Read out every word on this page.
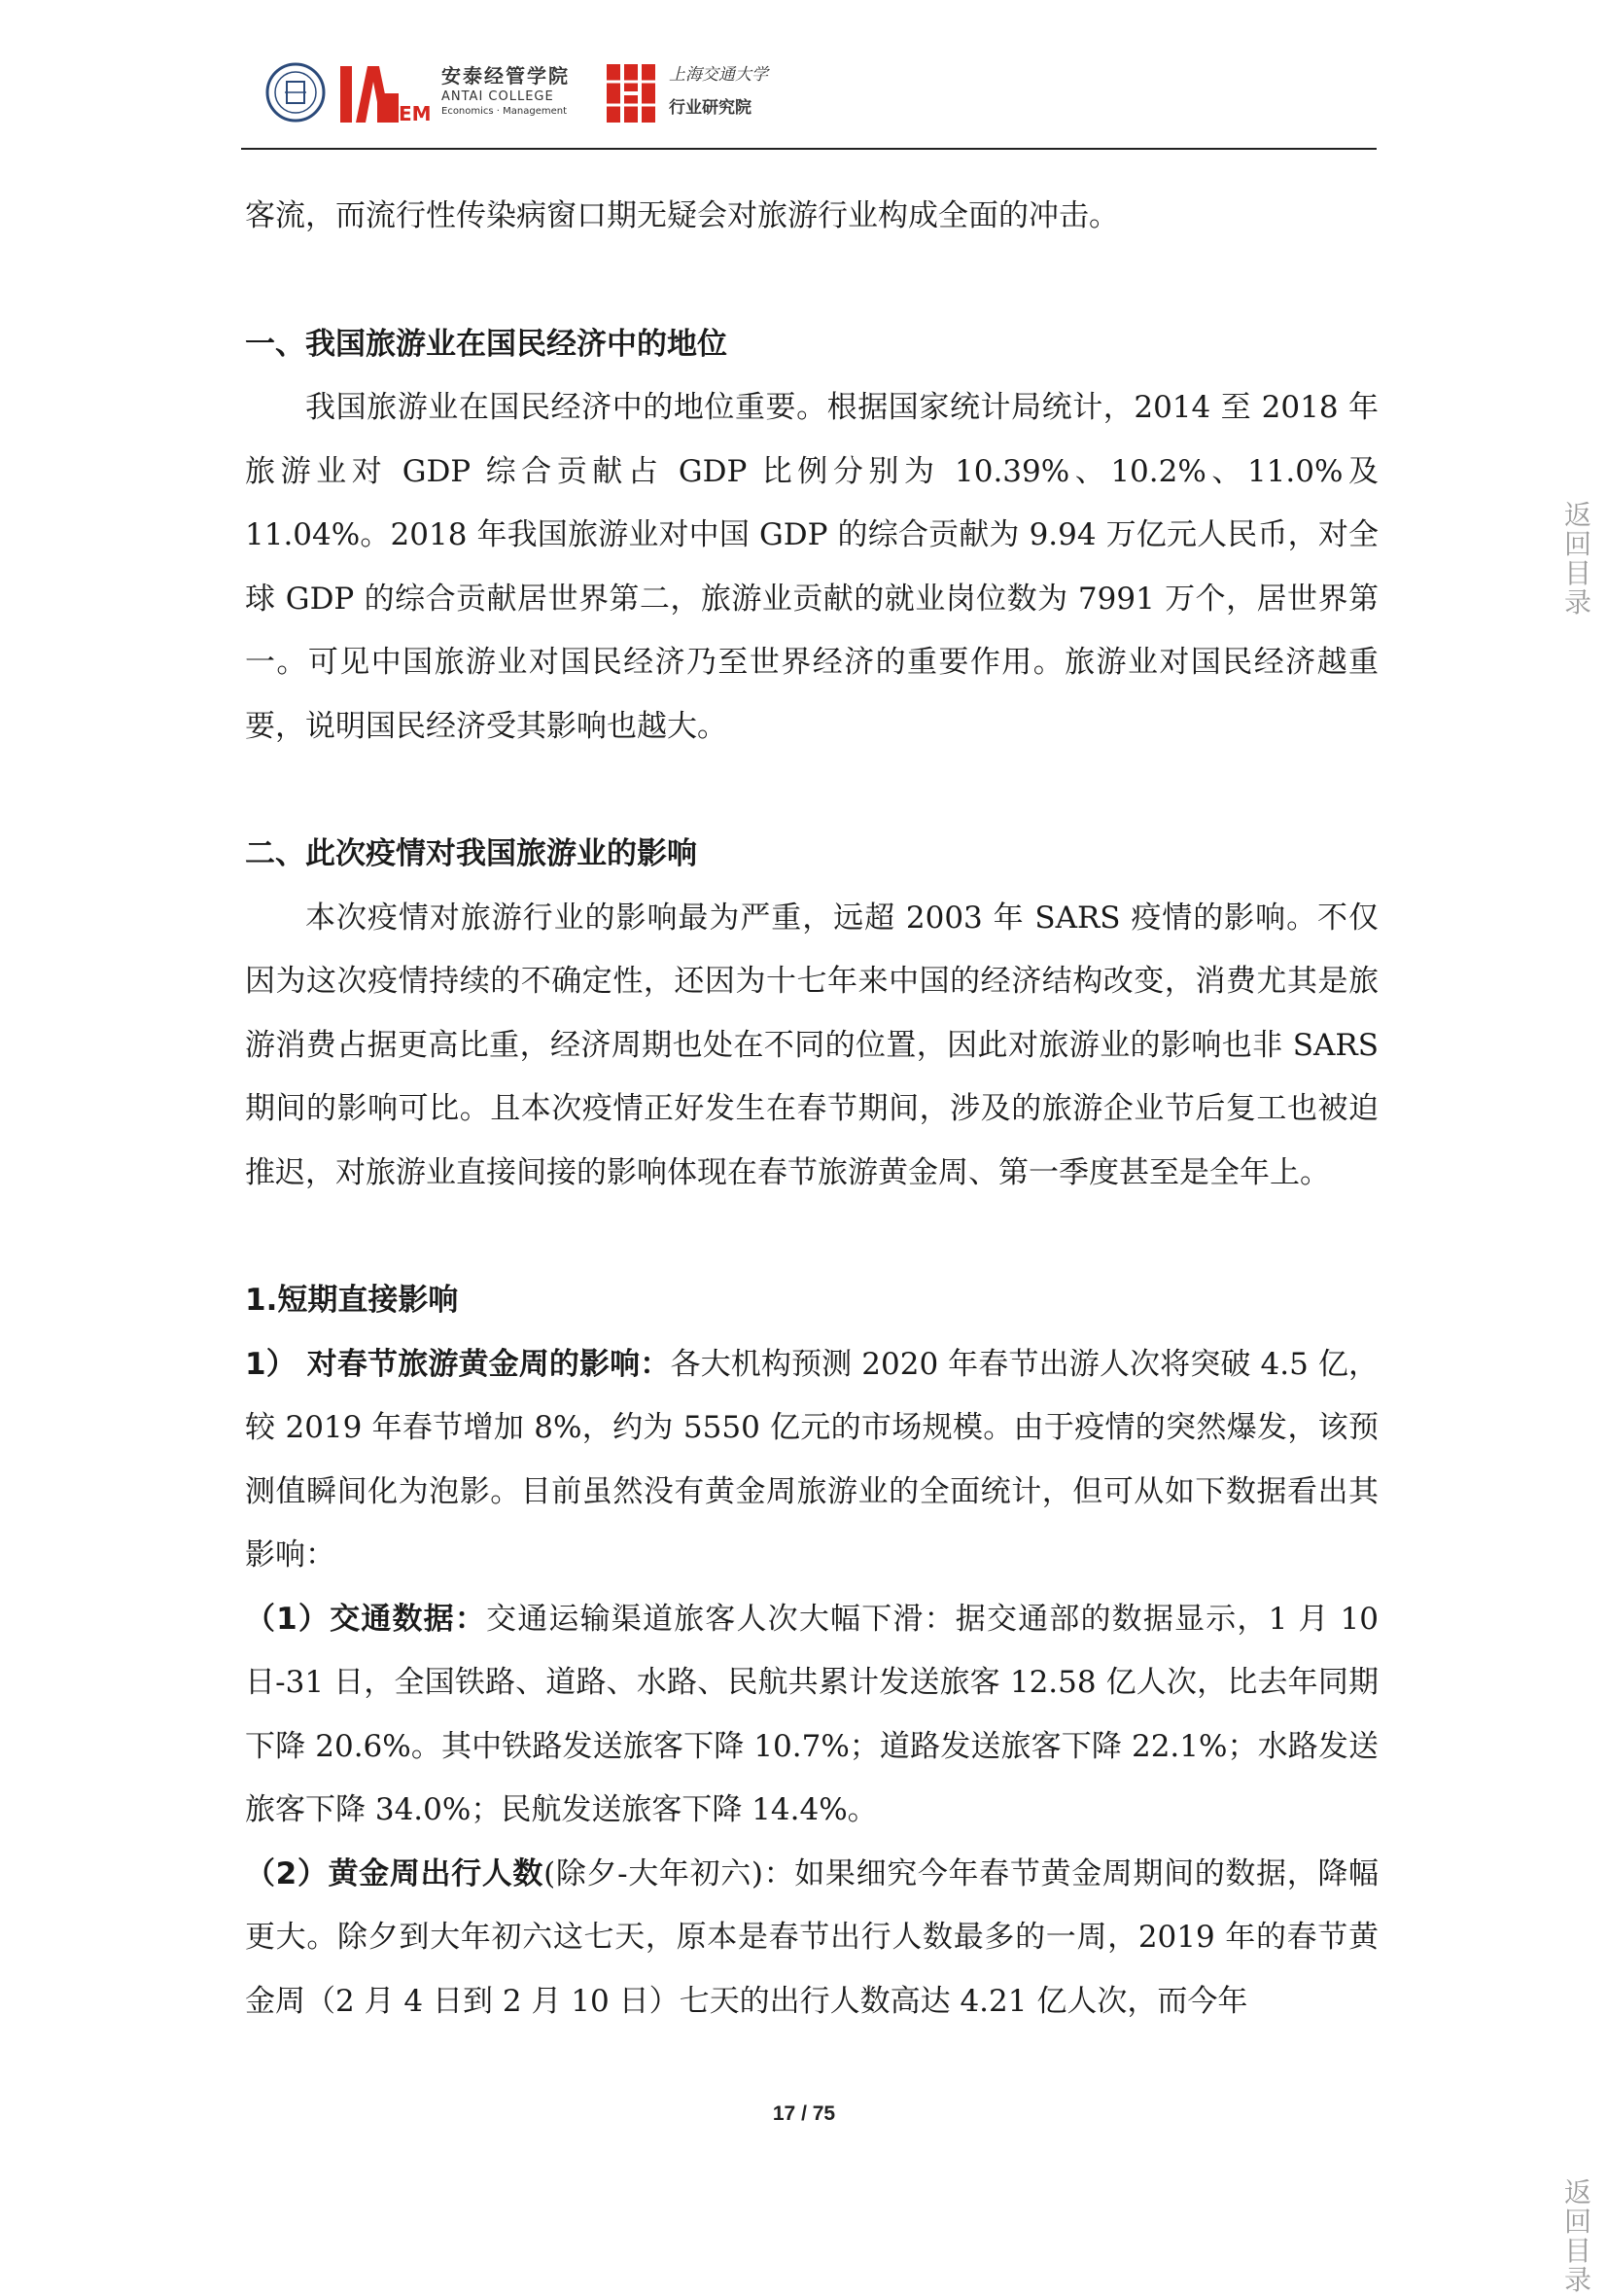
EM
安泰经管学院
ANTAI COLLEGE
Economics · Management
上海交通大学
行业研究院

客流，而流行性传染病窗口期无疑会对旅游行业构成全面的冲击。

一、我国旅游业在国民经济中的地位

我国旅游业在国民经济中的地位重要。根据国家统计局统计，2014 至 2018 年旅游业对 GDP 综合贡献占 GDP 比例分别为 10.39%、10.2%、11.0%及 11.04%。2018 年我国旅游业对中国 GDP 的综合贡献为 9.94 万亿元人民币，对全球 GDP 的综合贡献居世界第二，旅游业贡献的就业岗位数为 7991 万个，居世界第一。可见中国旅游业对国民经济乃至世界经济的重要作用。旅游业对国民经济越重要，说明国民经济受其影响也越大。

二、此次疫情对我国旅游业的影响

本次疫情对旅游行业的影响最为严重，远超 2003 年 SARS 疫情的影响。不仅因为这次疫情持续的不确定性，还因为十七年来中国的经济结构改变，消费尤其是旅游消费占据更高比重，经济周期也处在不同的位置，因此对旅游业的影响也非 SARS 期间的影响可比。且本次疫情正好发生在春节期间，涉及的旅游企业节后复工也被迫推迟，对旅游业直接间接的影响体现在春节旅游黄金周、第一季度甚至是全年上。

1.短期直接影响

1） 对春节旅游黄金周的影响：各大机构预测 2020 年春节出游人次将突破 4.5 亿，较 2019 年春节增加 8%，约为 5550 亿元的市场规模。由于疫情的突然爆发，该预测值瞬间化为泡影。目前虽然没有黄金周旅游业的全面统计，但可从如下数据看出其影响：

（1）交通数据：交通运输渠道旅客人次大幅下滑：据交通部的数据显示，1 月 10 日-31 日，全国铁路、道路、水路、民航共累计发送旅客 12.58 亿人次，比去年同期下降 20.6%。其中铁路发送旅客下降 10.7%；道路发送旅客下降 22.1%；水路发送旅客下降 34.0%；民航发送旅客下降 14.4%。

（2）黄金周出行人数(除夕-大年初六)：如果细究今年春节黄金周期间的数据，降幅更大。除夕到大年初六这七天，原本是春节出行人数最多的一周，2019 年的春节黄金周（2 月 4 日到 2 月 10 日）七天的出行人数高达 4.21 亿人次，而今年

17 / 75
返
回
目
录
返
回
目
录
